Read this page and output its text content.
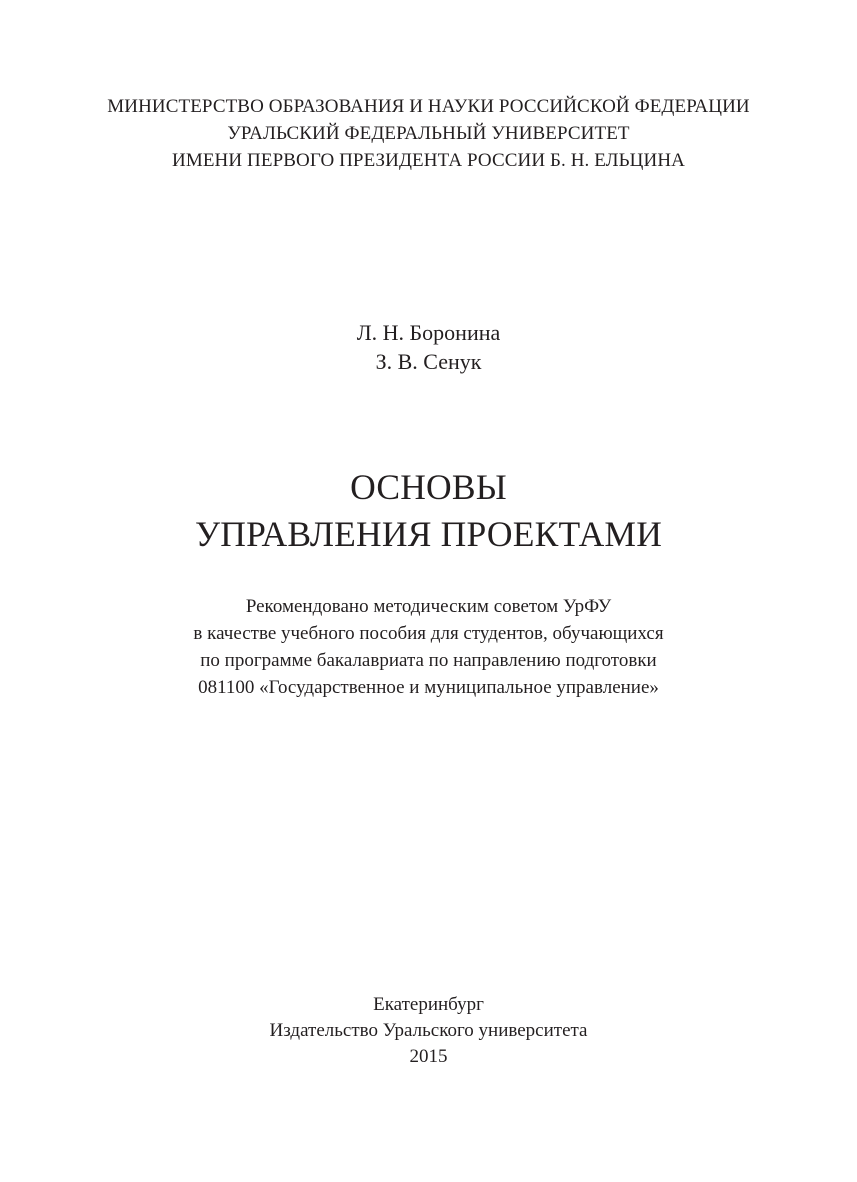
МИНИСТЕРСТВО ОБРАЗОВАНИЯ И НАУКИ РОССИЙСКОЙ ФЕДЕРАЦИИ
УРАЛЬСКИЙ ФЕДЕРАЛЬНЫЙ УНИВЕРСИТЕТ
ИМЕНИ ПЕРВОГО ПРЕЗИДЕНТА РОССИИ Б. Н. ЕЛЬЦИНА
Л. Н. Боронина
З. В. Сенук
ОСНОВЫ
УПРАВЛЕНИЯ ПРОЕКТАМИ
Рекомендовано методическим советом УрФУ
в качестве учебного пособия для студентов, обучающихся
по программе бакалавриата по направлению подготовки
081100 «Государственное и муниципальное управление»
Екатеринбург
Издательство Уральского университета
2015
